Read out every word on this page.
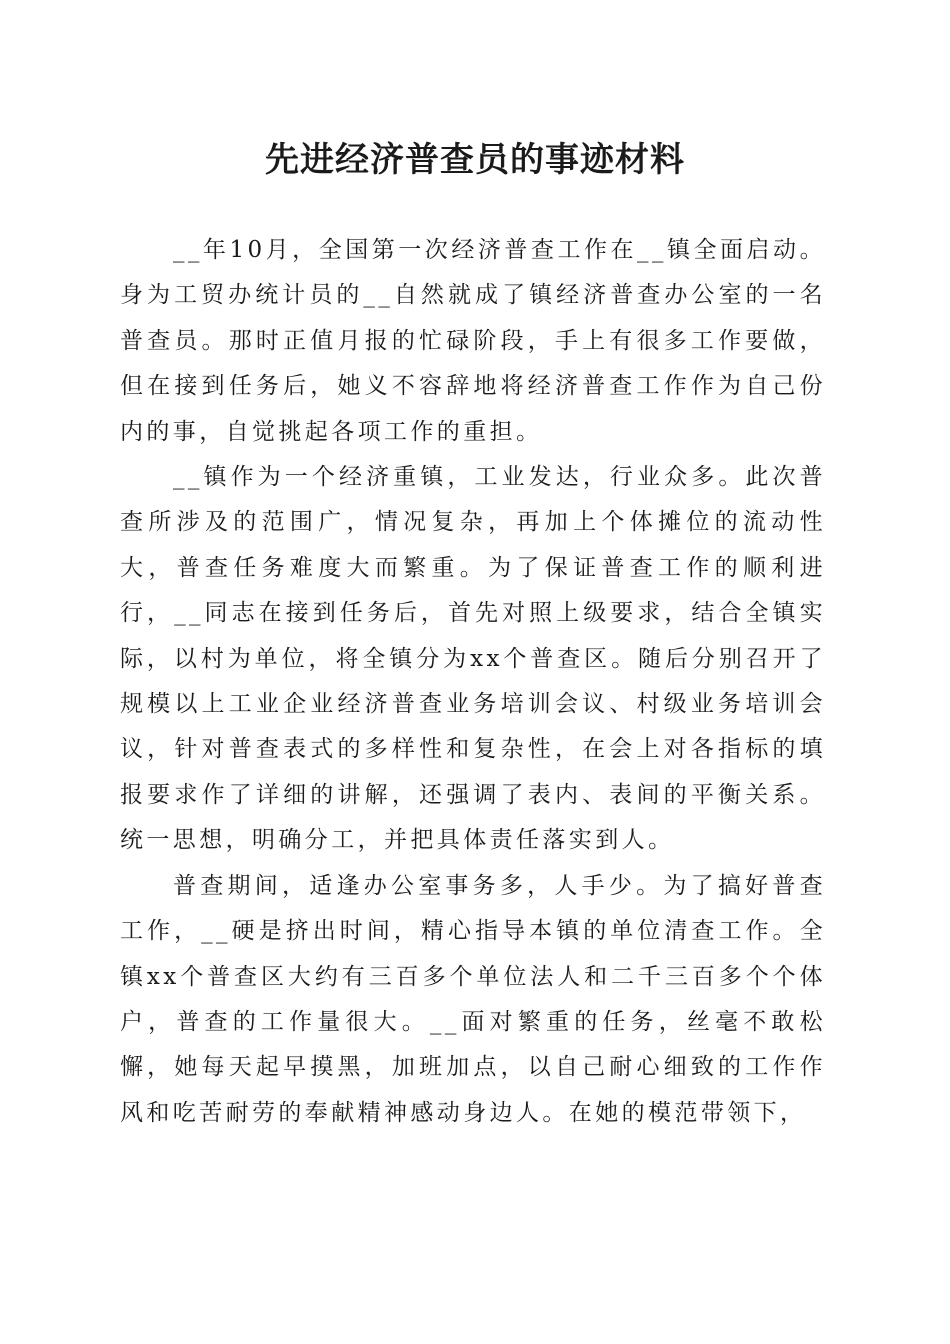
先进经济普查员的事迹材料

__年10月，全国第一次经济普查工作在__镇全面启动。身为工贸办统计员的__自然就成了镇经济普查办公室的一名普查员。那时正值月报的忙碌阶段，手上有很多工作要做，但在接到任务后，她义不容辞地将经济普查工作作为自己份内的事，自觉挑起各项工作的重担。

__镇作为一个经济重镇，工业发达，行业众多。此次普查所涉及的范围广，情况复杂，再加上个体摊位的流动性大，普查任务难度大而繁重。为了保证普查工作的顺利进行，__同志在接到任务后，首先对照上级要求，结合全镇实际，以村为单位，将全镇分为xx个普查区。随后分别召开了规模以上工业企业经济普查业务培训会议、村级业务培训会议，针对普查表式的多样性和复杂性，在会上对各指标的填报要求作了详细的讲解，还强调了表内、表间的平衡关系。统一思想，明确分工，并把具体责任落实到人。

普查期间，适逢办公室事务多，人手少。为了搞好普查工作，__硬是挤出时间，精心指导本镇的单位清查工作。全镇xx个普查区大约有三百多个单位法人和二千三百多个个体户，普查的工作量很大。__面对繁重的任务，丝毫不敢松懈，她每天起早摸黑，加班加点，以自己耐心细致的工作作风和吃苦耐劳的奉献精神感动身边人。在她的模范带领下，
